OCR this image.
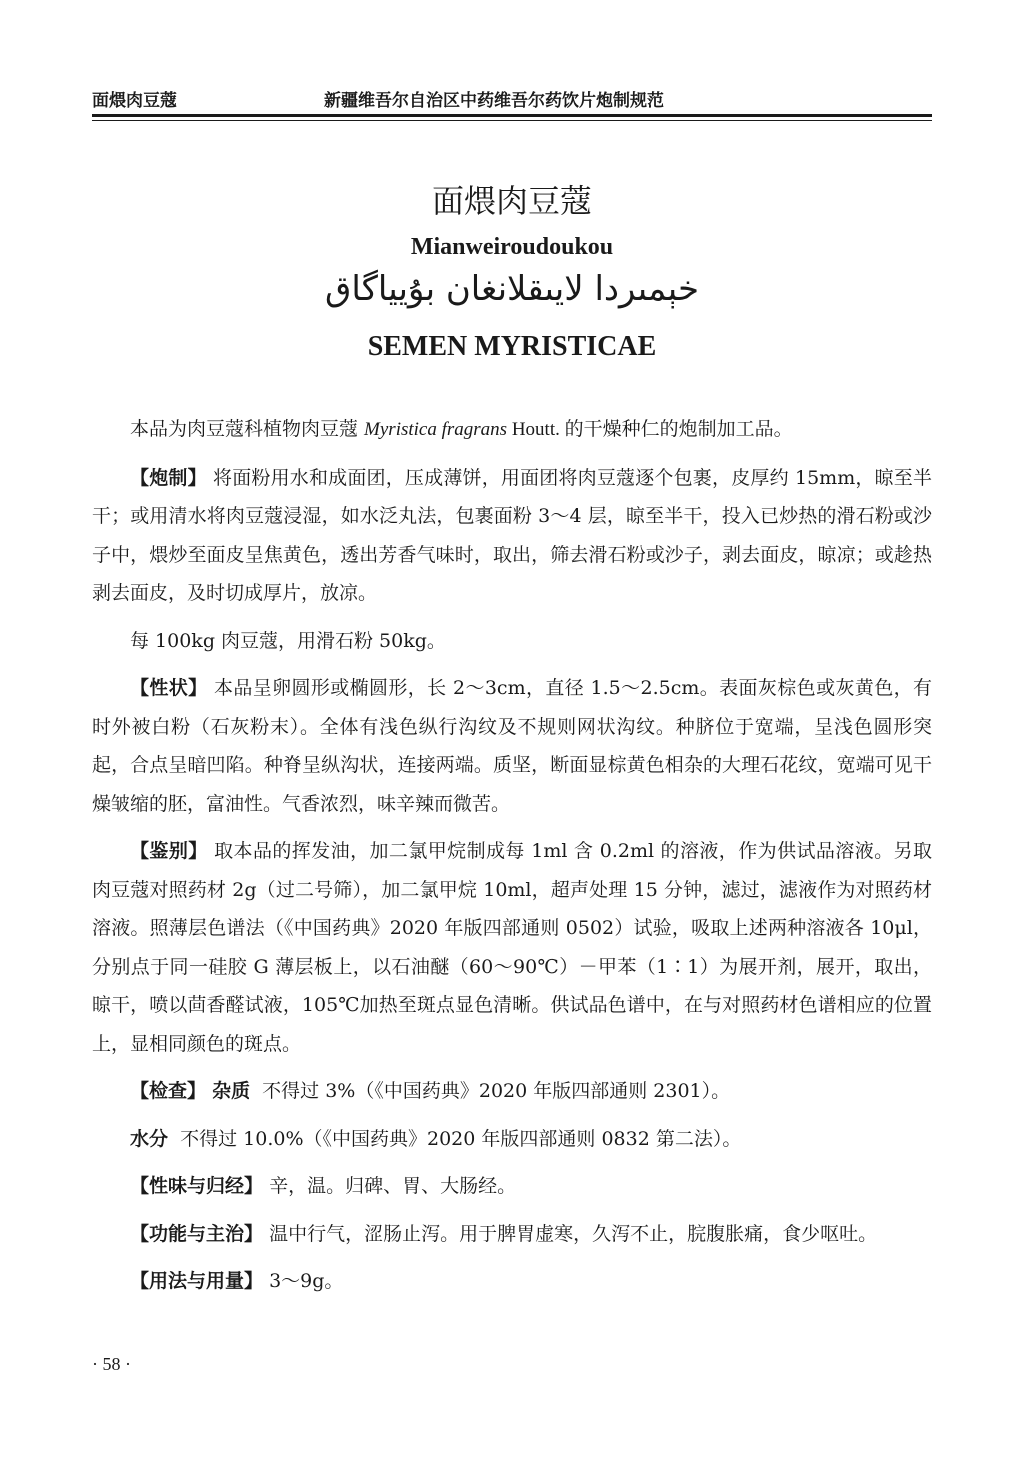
面煨肉豆蔻	新疆维吾尔自治区中药维吾尔药饮片炮制规范
面煨肉豆蔻
Mianweiroudoukou
خېمىردا لايىقلانغان بۇيياگاق
SEMEN MYRISTICAE

本品为肉豆蔻科植物肉豆蔻 Myristica fragrans Houtt. 的干燥种仁的炮制加工品。

【炮制】 将面粉用水和成面团，压成薄饼，用面团将肉豆蔻逐个包裹，皮厚约 15mm，晾至半干；或用清水将肉豆蔻浸湿，如水泛丸法，包裹面粉 3～4 层，晾至半干，投入已炒热的滑石粉或沙子中，煨炒至面皮呈焦黄色，透出芳香气味时，取出，筛去滑石粉或沙子，剥去面皮，晾凉；或趁热剥去面皮，及时切成厚片，放凉。

每 100kg 肉豆蔻，用滑石粉 50kg。

【性状】 本品呈卵圆形或椭圆形，长 2～3cm，直径 1.5～2.5cm。表面灰棕色或灰黄色，有时外被白粉（石灰粉末）。全体有浅色纵行沟纹及不规则网状沟纹。种脐位于宽端，呈浅色圆形突起，合点呈暗凹陷。种脊呈纵沟状，连接两端。质坚，断面显棕黄色相杂的大理石花纹，宽端可见干燥皱缩的胚，富油性。气香浓烈，味辛辣而微苦。

【鉴别】 取本品的挥发油，加二氯甲烷制成每 1ml 含 0.2ml 的溶液，作为供试品溶液。另取肉豆蔻对照药材 2g（过二号筛），加二氯甲烷 10ml，超声处理 15 分钟，滤过，滤液作为对照药材溶液。照薄层色谱法（《中国药典》2020 年版四部通则 0502）试验，吸取上述两种溶液各 10μl，分别点于同一硅胶 G 薄层板上，以石油醚（60～90℃）－甲苯（1∶1）为展开剂，展开，取出，晾干，喷以茴香醛试液，105℃加热至斑点显色清晰。供试品色谱中，在与对照药材色谱相应的位置上，显相同颜色的斑点。

【检查】 杂质 不得过 3%（《中国药典》2020 年版四部通则 2301）。

水分 不得过 10.0%（《中国药典》2020 年版四部通则 0832 第二法）。

【性味与归经】 辛，温。归碑、胃、大肠经。

【功能与主治】 温中行气，涩肠止泻。用于脾胃虚寒，久泻不止，脘腹胀痛，食少呕吐。

【用法与用量】 3～9g。

· 58 ·
